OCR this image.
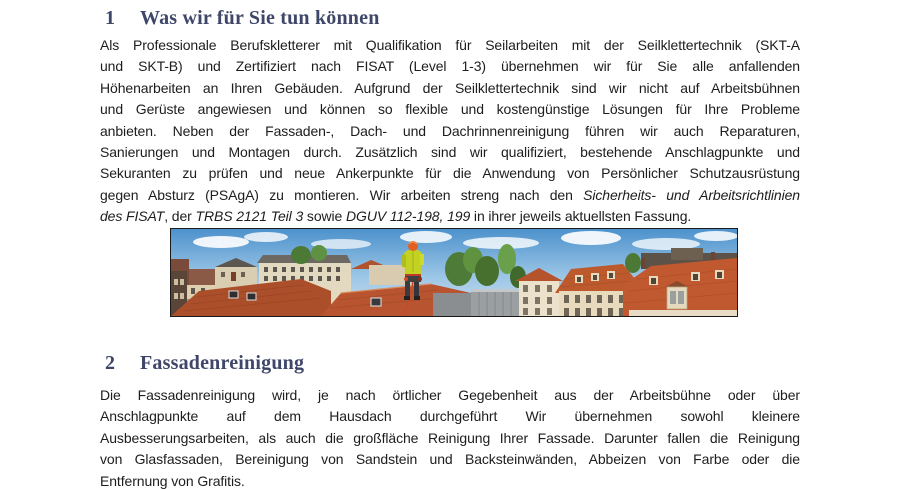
1	Was wir für Sie tun können
Als Professionale Berufskletterer mit Qualifikation für Seilarbeiten mit der Seilklettertechnik (SKT-A
und SKT-B) und Zertifiziert nach FISAT (Level 1-3) übernehmen wir für Sie alle anfallenden
Höhenarbeiten an Ihren Gebäuden. Aufgrund der Seilklettertechnik sind wir nicht auf Arbeitsbühnen
und Gerüste angewiesen und können so flexible und kostengünstige Lösungen für Ihre Probleme
anbieten. Neben der Fassaden-, Dach- und Dachrinnenreinigung führen wir auch Reparaturen,
Sanierungen und Montagen durch. Zusätzlich sind wir qualifiziert, bestehende Anschlagpunkte und
Sekuranten zu prüfen und neue Ankerpunkte für die Anwendung von Persönlicher Schutzausrüstung
gegen Absturz (PSAgA) zu montieren. Wir arbeiten streng nach den Sicherheits- und Arbeitsrichtlinien
des FISAT, der TRBS 2121 Teil 3 sowie DGUV 112-198, 199 in ihrer jeweils aktuellsten Fassung.
2	Fassadenreinigung
Die Fassadenreinigung wird, je nach örtlicher Gegebenheit aus der Arbeitsbühne oder über
Anschlagpunkte auf dem Hausdach durchgeführt Wir übernehmen sowohl kleinere
Ausbesserungsarbeiten, als auch die großfläche Reinigung Ihrer Fassade. Darunter fallen die Reinigung
von Glasfassaden, Bereinigung von Sandstein und Backsteinwänden, Abbeizen von Farbe oder die
Entfernung von Grafitis.
